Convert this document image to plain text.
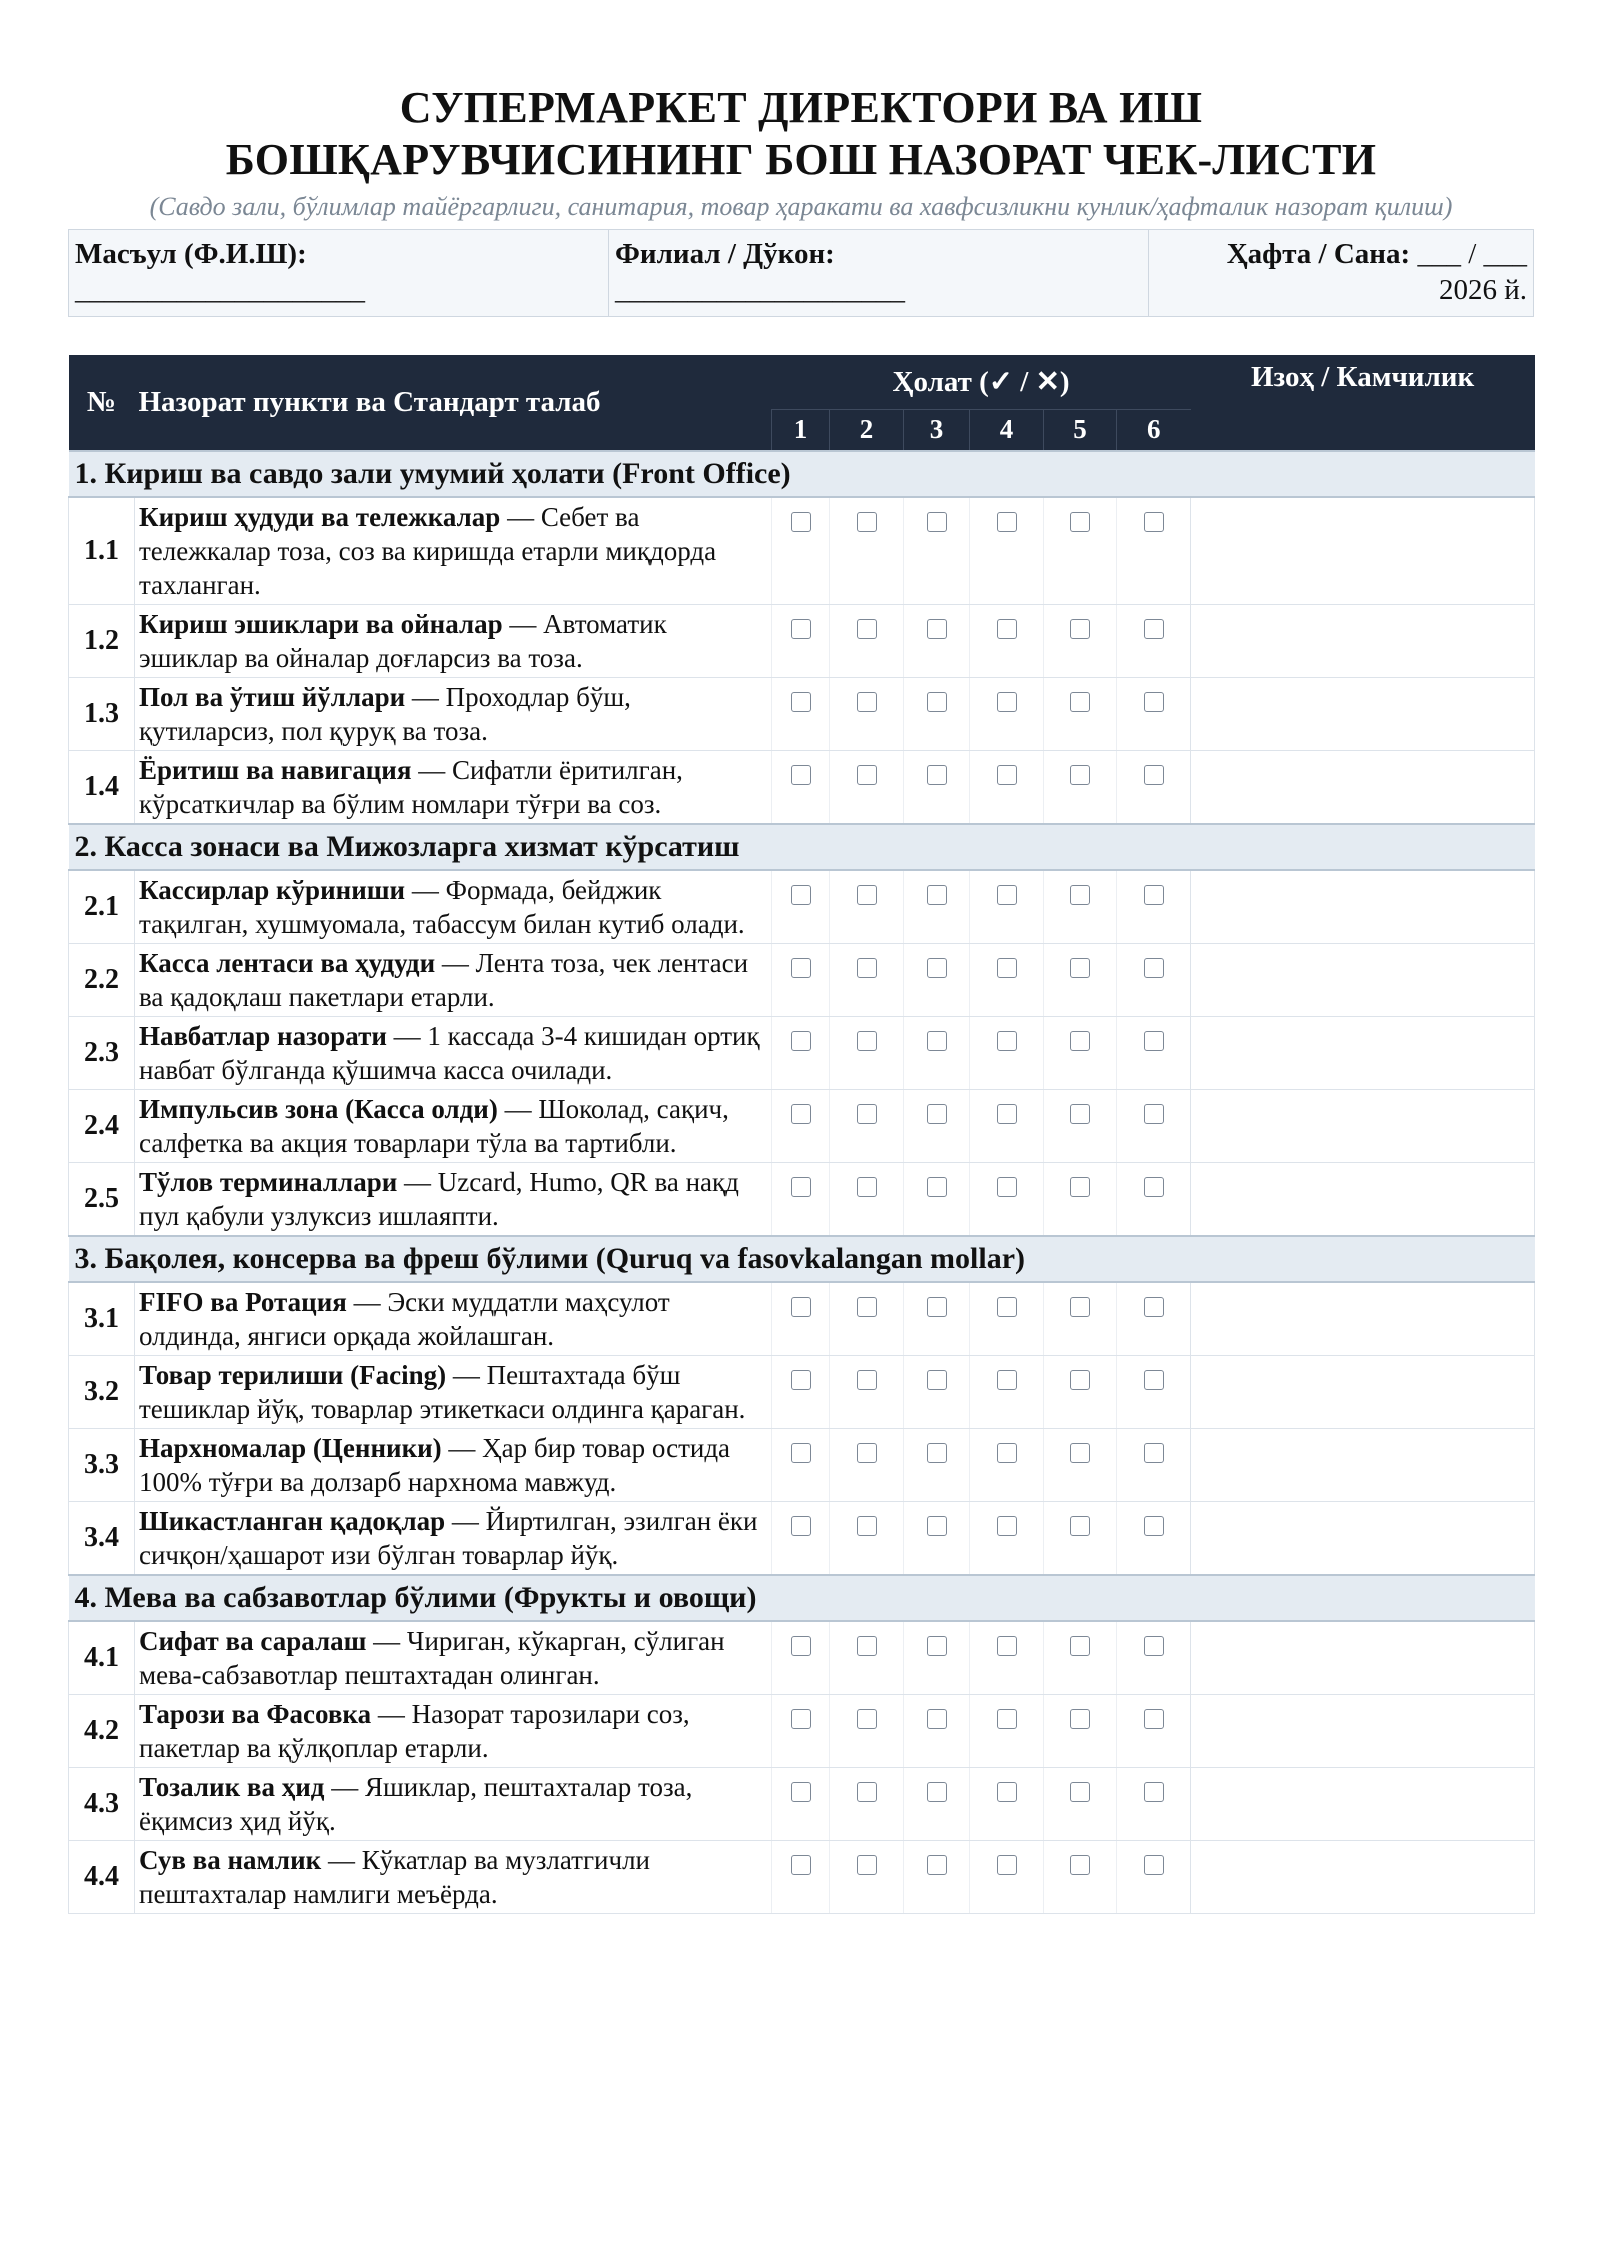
СУПЕРМАРКЕТ ДИРЕКТОРИ ВА ИШ
БОШҚАРУВЧИСИНИНГ БОШ НАЗОРАТ ЧЕК-ЛИСТИ
(Савдо зали, бўлимлар тайёргарлиги, санитария, товар ҳаракати ва хавфсизликни кунлик/ҳафталик назорат қилиш)
Масъул (Ф.И.Ш):
____________________
Филиал / Дўкон:
____________________
Ҳафта / Сана: ___ / ___
2026 й.
№	Назорат пункти ва Стандарт талаб	Ҳолат (✓ / ✕)						Изоҳ / Камчилик
		1	2	3	4	5	6	
1. Кириш ва савдо зали умумий ҳолати (Front Office)								
1.1	Кириш ҳудуди ва тележкалар — Себет ва тележкалар тоза, соз ва киришда етарли миқдорда тахланган.							
1.2	Кириш эшиклари ва ойналар — Автоматик эшиклар ва ойналар доғларсиз ва тоза.							
1.3	Пол ва ўтиш йўллари — Проходлар бўш, қутиларсиз, пол қуруқ ва тоза.							
1.4	Ёритиш ва навигация — Сифатли ёритилган, кўрсаткичлар ва бўлим номлари тўғри ва соз.							
2. Касса зонаси ва Мижозларга хизмат кўрсатиш								
2.1	Кассирлар кўриниши — Формада, бейджик тақилган, хушмуомала, табассум билан кутиб олади.							
2.2	Касса лентаси ва ҳудуди — Лента тоза, чек лентаси ва қадоқлаш пакетлари етарли.							
2.3	Навбатлар назорати — 1 кассада 3-4 кишидан ортиқ навбат бўлганда қўшимча касса очилади.							
2.4	Импульсив зона (Касса олди) — Шоколад, сақич, салфетка ва акция товарлари тўла ва тартибли.							
2.5	Тўлов терминаллари — Uzcard, Humo, QR ва нақд пул қабули узлуксиз ишлаяпти.							
3. Бақолея, консерва ва фреш бўлими (Quruq va fasovkalangan mollar)								
3.1	FIFO ва Ротация — Эски муддатли маҳсулот олдинда, янгиси орқада жойлашган.							
3.2	Товар терилиши (Facing) — Пештахтада бўш тешиклар йўқ, товарлар этикеткаси олдинга қараган.							
3.3	Нархномалар (Ценники) — Ҳар бир товар остида 100% тўғри ва долзарб нархнома мавжуд.							
3.4	Шикастланган қадоқлар — Йиртилган, эзилган ёки сичқон/ҳашарот изи бўлган товарлар йўқ.							
4. Мева ва сабзавотлар бўлими (Фрукты и овощи)								
4.1	Сифат ва саралаш — Чириган, кўкарган, сўлиган мева-сабзавотлар пештахтадан олинган.							
4.2	Тарози ва Фасовка — Назорат тарозилари соз, пакетлар ва қўлқоплар етарли.							
4.3	Тозалик ва ҳид — Яшиклар, пештахталар тоза, ёқимсиз ҳид йўқ.							
4.4	Сув ва намлик — Кўкатлар ва музлатгичли пештахталар намлиги меъёрда.							
